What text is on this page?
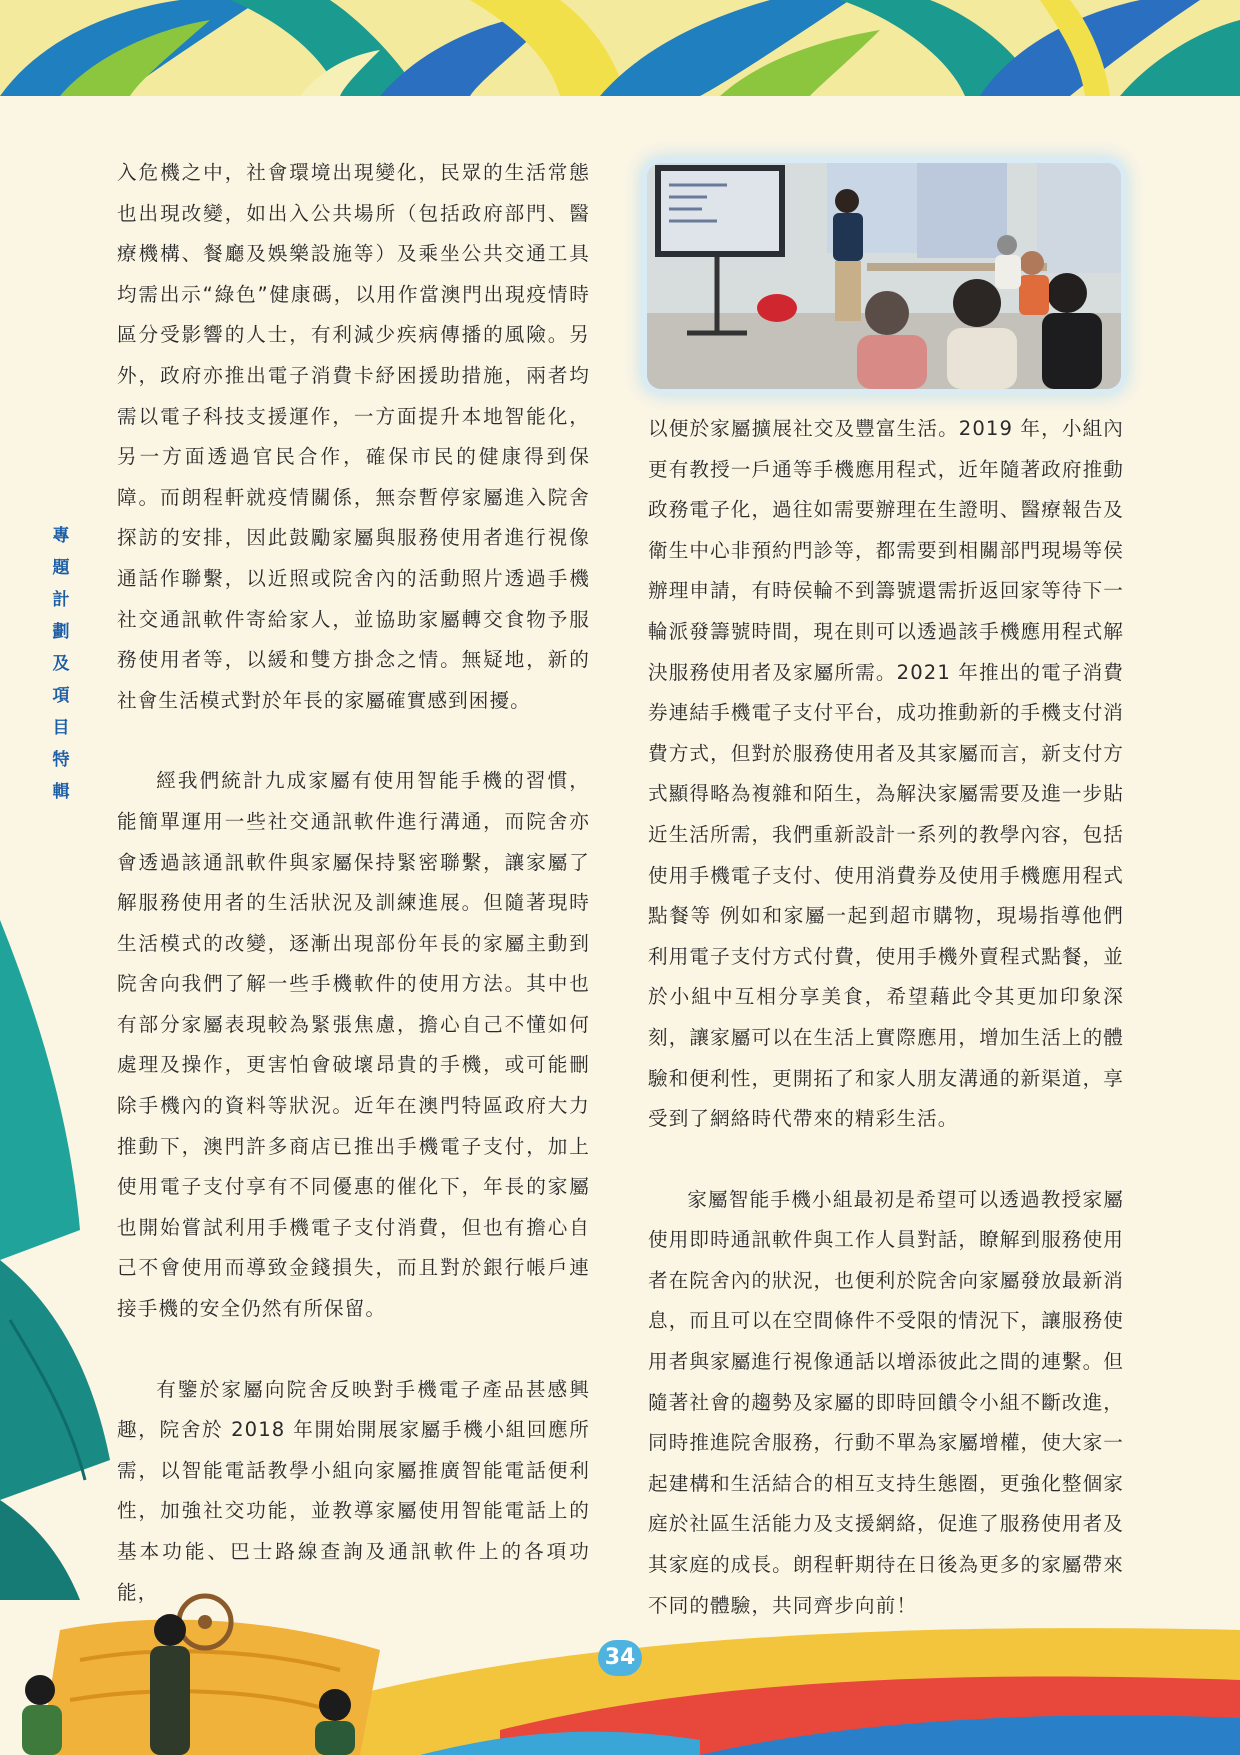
專
題
計
劃
及
項
目
特
輯

入危機之中，社會環境出現變化，民眾的生活常態也出現改變，如出入公共場所（包括政府部門、醫療機構、餐廳及娛樂設施等）及乘坐公共交通工具均需出示“綠色”健康碼，以用作當澳門出現疫情時區分受影響的人士，有利減少疾病傳播的風險。另外，政府亦推出電子消費卡紓困援助措施，兩者均需以電子科技支援運作，一方面提升本地智能化，另一方面透過官民合作，確保市民的健康得到保障。而朗程軒就疫情關係，無奈暫停家屬進入院舍探訪的安排，因此鼓勵家屬與服務使用者進行視像通話作聯繫，以近照或院舍內的活動照片透過手機社交通訊軟件寄給家人，並協助家屬轉交食物予服務使用者等，以緩和雙方掛念之情。無疑地，新的社會生活模式對於年長的家屬確實感到困擾。

經我們統計九成家屬有使用智能手機的習慣，能簡單運用一些社交通訊軟件進行溝通，而院舍亦會透過該通訊軟件與家屬保持緊密聯繫，讓家屬了解服務使用者的生活狀況及訓練進展。但隨著現時生活模式的改變，逐漸出現部份年長的家屬主動到院舍向我們了解一些手機軟件的使用方法。其中也有部分家屬表現較為緊張焦慮，擔心自己不懂如何處理及操作，更害怕會破壞昂貴的手機，或可能刪除手機內的資料等狀況。近年在澳門特區政府大力推動下，澳門許多商店已推出手機電子支付，加上使用電子支付享有不同優惠的催化下，年長的家屬也開始嘗試利用手機電子支付消費，但也有擔心自己不會使用而導致金錢損失，而且對於銀行帳戶連接手機的安全仍然有所保留。

有鑒於家屬向院舍反映對手機電子產品甚感興趣，院舍於 2018 年開始開展家屬手機小組回應所需，以智能電話教學小組向家屬推廣智能電話便利性，加強社交功能，並教導家屬使用智能電話上的基本功能、巴士路線查詢及通訊軟件上的各項功能，

以便於家屬擴展社交及豐富生活。2019 年，小組內更有教授一戶通等手機應用程式，近年隨著政府推動政務電子化，過往如需要辦理在生證明、醫療報告及衛生中心非預約門診等，都需要到相關部門現場等侯辦理申請，有時侯輪不到籌號還需折返回家等待下一輪派發籌號時間，現在則可以透過該手機應用程式解決服務使用者及家屬所需。2021 年推出的電子消費券連結手機電子支付平台，成功推動新的手機支付消費方式，但對於服務使用者及其家屬而言，新支付方式顯得略為複雜和陌生，為解決家屬需要及進一步貼近生活所需，我們重新設計一系列的教學內容，包括使用手機電子支付、使用消費券及使用手機應用程式點餐等 例如和家屬一起到超市購物，現場指導他們利用電子支付方式付費，使用手機外賣程式點餐，並於小組中互相分享美食，希望藉此令其更加印象深刻，讓家屬可以在生活上實際應用，增加生活上的體驗和便利性，更開拓了和家人朋友溝通的新渠道，享受到了網絡時代帶來的精彩生活。

家屬智能手機小組最初是希望可以透過教授家屬使用即時通訊軟件與工作人員對話，瞭解到服務使用者在院舍內的狀況，也便利於院舍向家屬發放最新消息，而且可以在空間條件不受限的情況下，讓服務使用者與家屬進行視像通話以增添彼此之間的連繫。但隨著社會的趨勢及家屬的即時回饋令小組不斷改進，同時推進院舍服務，行動不單為家屬增權，使大家一起建構和生活結合的相互支持生態圈，更強化整個家庭於社區生活能力及支援網絡，促進了服務使用者及其家庭的成長。朗程軒期待在日後為更多的家屬帶來不同的體驗，共同齊步向前！

34
